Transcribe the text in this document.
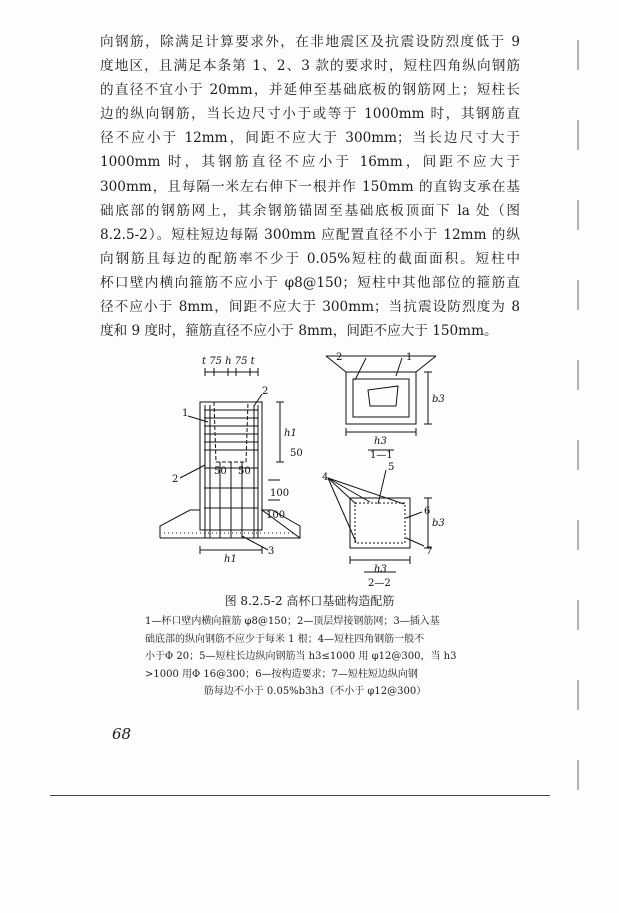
向钢筋，除满足计算要求外，在非地震区及抗震设防烈度低于 9
度地区，且满足本条第 1、2、3 款的要求时，短柱四角纵向钢筋
的直径不宜小于 20mm，并延伸至基础底板的钢筋网上；短柱长
边的纵向钢筋，当长边尺寸小于或等于 1000mm 时，其钢筋直
径不应小于 12mm，间距不应大于 300mm；当长边尺寸大于
1000mm 时，其钢筋直径不应小于 16mm，间距不应大于
300mm，且每隔一米左右伸下一根并作 150mm 的直钩支承在基
础底部的钢筋网上，其余钢筋锚固至基础底板顶面下 la 处（图
8.2.5-2）。短柱短边每隔 300mm 应配置直径不小于 12mm 的纵
向钢筋且每边的配筋率不少于 0.05%短柱的截面面积。短柱中
杯口壁内横向箍筋不应小于 φ8@150；短柱中其他部位的箍筋直
径不应小于 8mm，间距不应大于 300mm；当抗震设防烈度为 8
度和 9 度时，箍筋直径不应小于 8mm，间距不应大于 150mm。
t 75 h 75 t
1
2
2
3
h1
h1
50 50
100
100
50
2	1
b3
h3
1—1
4
5
6
7
b3
h3
2—2
图 8.2.5-2 高杯口基础构造配筋
1—杯口壁内横向箍筋 φ8@150；2—顶层焊接钢筋网；3—插入基
础底部的纵向钢筋不应少于每米 1 根；4—短柱四角钢筋一般不
小于Φ 20；5—短柱长边纵向钢筋当 h3≤1000 用 φ12@300，当 h3
>1000 用Φ 16@300；6—按构造要求；7—短柱短边纵向钢
筋每边不小于 0.05%b3h3（不小于 φ12@300）
68
